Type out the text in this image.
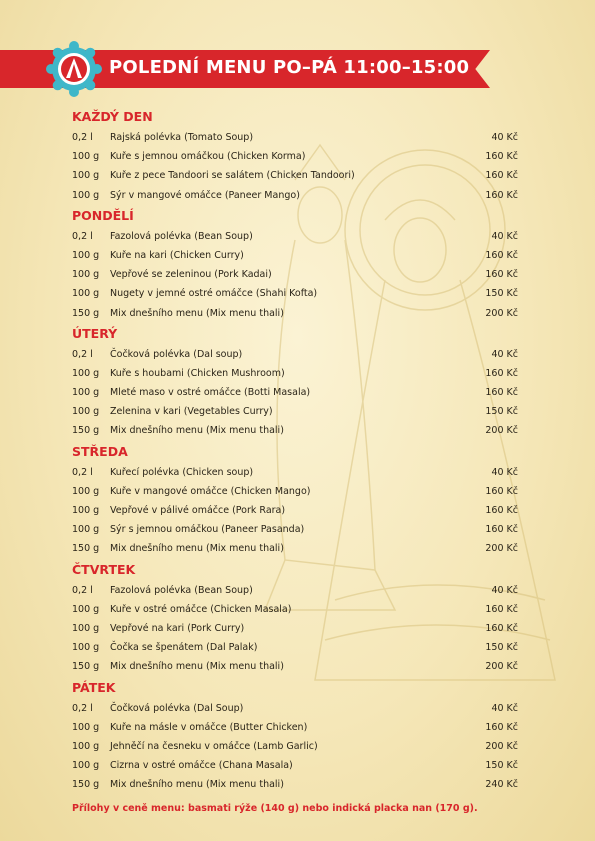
POLEDNÍ MENU PO–PÁ 11:00–15:00
KAŽDÝ DEN
0,2 l Rajská polévka (Tomato Soup)	40 Kč
100 g Kuře s jemnou omáčkou (Chicken Korma)	160 Kč
100 g Kuře z pece Tandoori se salátem (Chicken Tandoori)	160 Kč
100 g Sýr v mangové omáčce (Paneer Mango)	160 Kč
PONDĚLÍ
0,2 l Fazolová polévka (Bean Soup)	40 Kč
100 g Kuře na kari (Chicken Curry)	160 Kč
100 g Vepřové se zeleninou (Pork Kadai)	160 Kč
100 g Nugety v jemné ostré omáčce (Shahi Kofta)	150 Kč
150 g Mix dnešního menu (Mix menu thali)	200 Kč
ÚTERÝ
0,2 l Čočková polévka (Dal soup)	40 Kč
100 g Kuře s houbami (Chicken Mushroom)	160 Kč
100 g Mleté maso v ostré omáčce (Botti Masala)	160 Kč
100 g Zelenina v kari (Vegetables Curry)	150 Kč
150 g Mix dnešního menu (Mix menu thali)	200 Kč
STŘEDA
0,2 l Kuřecí polévka (Chicken soup)	40 Kč
100 g Kuře v mangové omáčce (Chicken Mango)	160 Kč
100 g Vepřové v pálivé omáčce (Pork Rara)	160 Kč
100 g Sýr s jemnou omáčkou (Paneer Pasanda)	160 Kč
150 g Mix dnešního menu (Mix menu thali)	200 Kč
ČTVRTEK
0,2 l Fazolová polévka (Bean Soup)	40 Kč
100 g Kuře v ostré omáčce (Chicken Masala)	160 Kč
100 g Vepřové na kari (Pork Curry)	160 Kč
100 g Čočka se špenátem (Dal Palak)	150 Kč
150 g Mix dnešního menu (Mix menu thali)	200 Kč
PÁTEK
0,2 l Čočková polévka (Dal Soup)	40 Kč
100 g Kuře na másle v omáčce (Butter Chicken)	160 Kč
100 g Jehněčí na česneku v omáčce (Lamb Garlic)	200 Kč
100 g Cizrna v ostré omáčce (Chana Masala)	150 Kč
150 g Mix dnešního menu (Mix menu thali)	240 Kč
Přílohy v ceně menu: basmati rýže (140 g) nebo indická placka nan (170 g).
